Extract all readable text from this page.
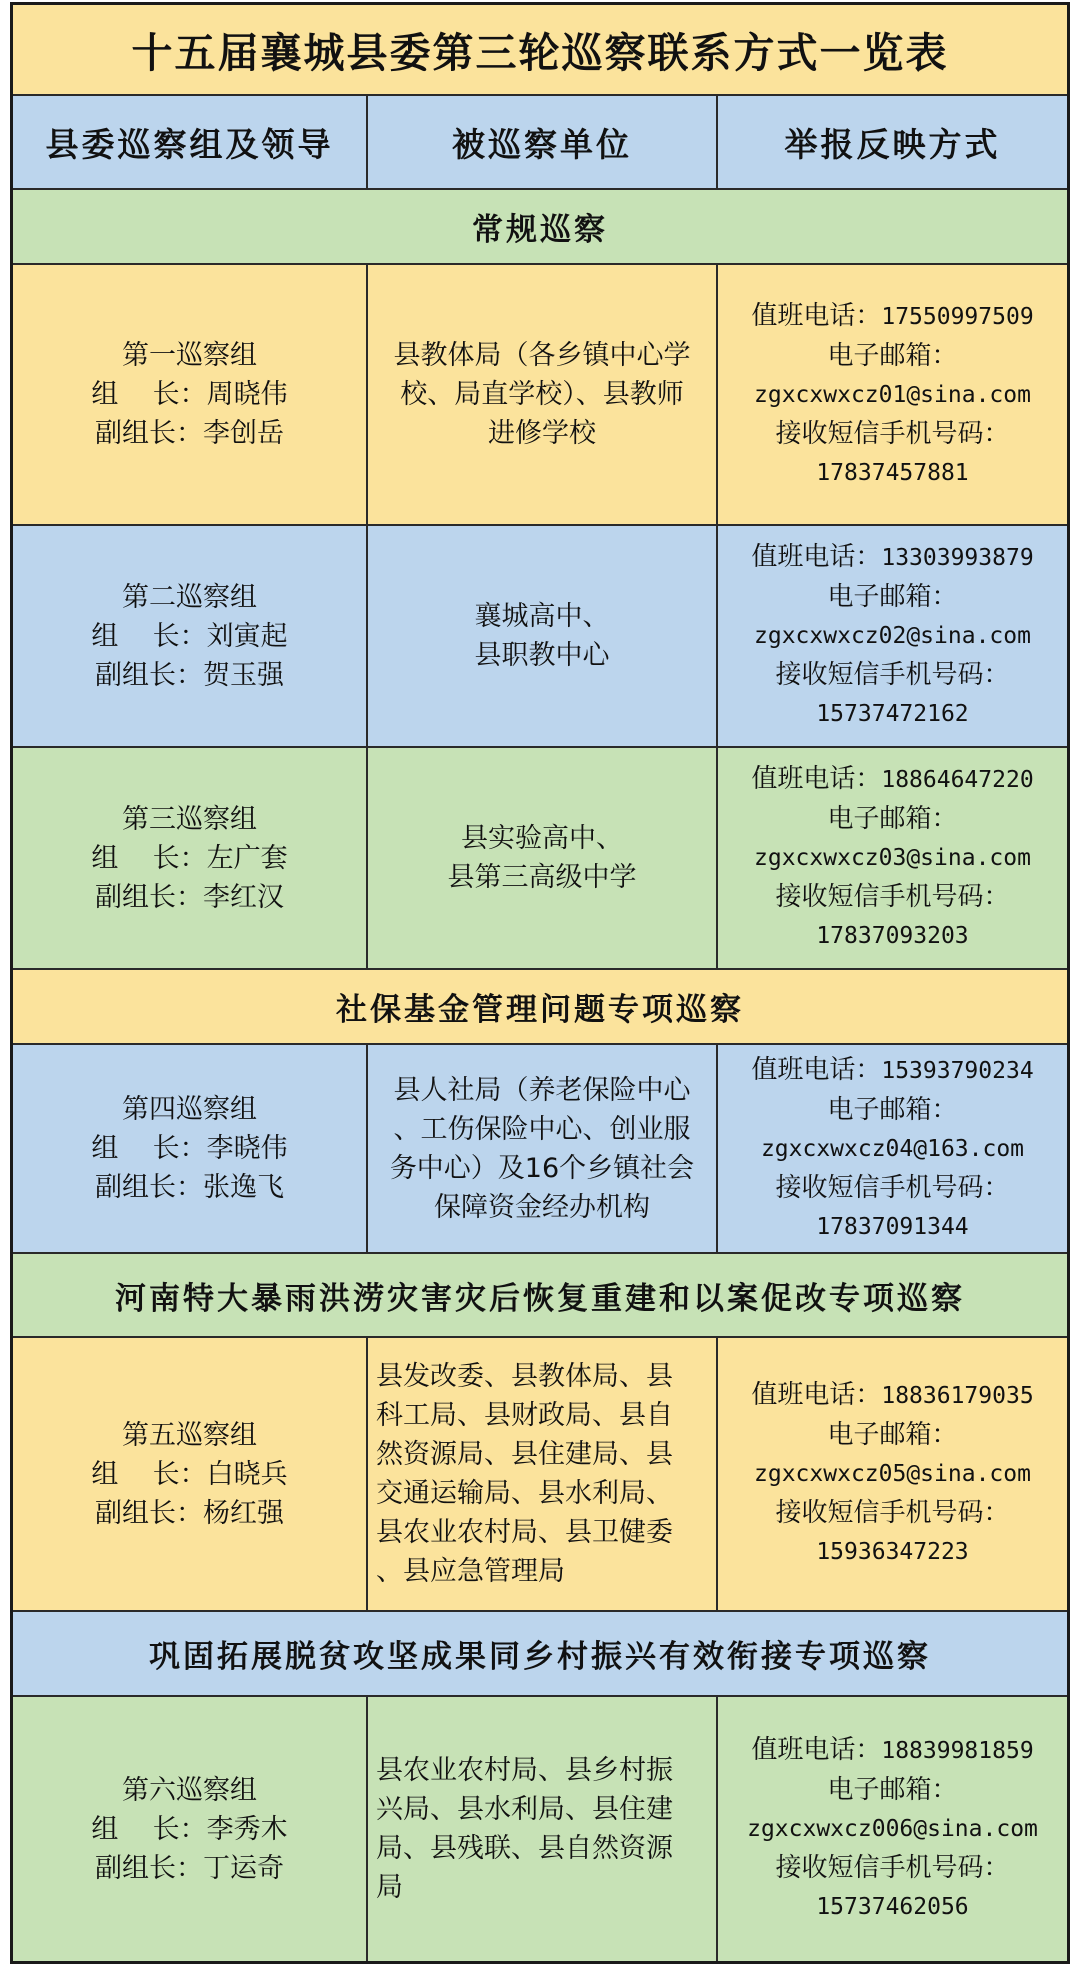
十五届襄城县委第三轮巡察联系方式一览表
县委巡察组及领导	被巡察单位	举报反映方式
常规巡察
第一巡察组
组    长：周晓伟
副组长：李创岳
县教体局（各乡镇中心学
校、局直学校）、县教师
进修学校
值班电话：17550997509
电子邮箱：
zgxcxwxcz01@sina.com
接收短信手机号码：
17837457881
第二巡察组
组    长：刘寅起
副组长：贺玉强
襄城高中、
县职教中心
值班电话：13303993879
电子邮箱：
zgxcxwxcz02@sina.com
接收短信手机号码：
15737472162
第三巡察组
组    长：左广套
副组长：李红汉
县实验高中、
县第三高级中学
值班电话：18864647220
电子邮箱：
zgxcxwxcz03@sina.com
接收短信手机号码：
17837093203
社保基金管理问题专项巡察
第四巡察组
组    长：李晓伟
副组长：张逸飞
县人社局（养老保险中心
、工伤保险中心、创业服
务中心）及16个乡镇社会
保障资金经办机构
值班电话：15393790234
电子邮箱：
zgxcxwxcz04@163.com
接收短信手机号码：
17837091344
河南特大暴雨洪涝灾害灾后恢复重建和以案促改专项巡察
第五巡察组
组    长：白晓兵
副组长：杨红强
县发改委、县教体局、县
科工局、县财政局、县自
然资源局、县住建局、县
交通运输局、县水利局、
县农业农村局、县卫健委
、县应急管理局
值班电话：18836179035
电子邮箱：
zgxcxwxcz05@sina.com
接收短信手机号码：
15936347223
巩固拓展脱贫攻坚成果同乡村振兴有效衔接专项巡察
第六巡察组
组    长：李秀木
副组长：丁运奇
县农业农村局、县乡村振
兴局、县水利局、县住建
局、县残联、县自然资源
局
值班电话：18839981859
电子邮箱：
zgxcxwxcz006@sina.com
接收短信手机号码：
15737462056
